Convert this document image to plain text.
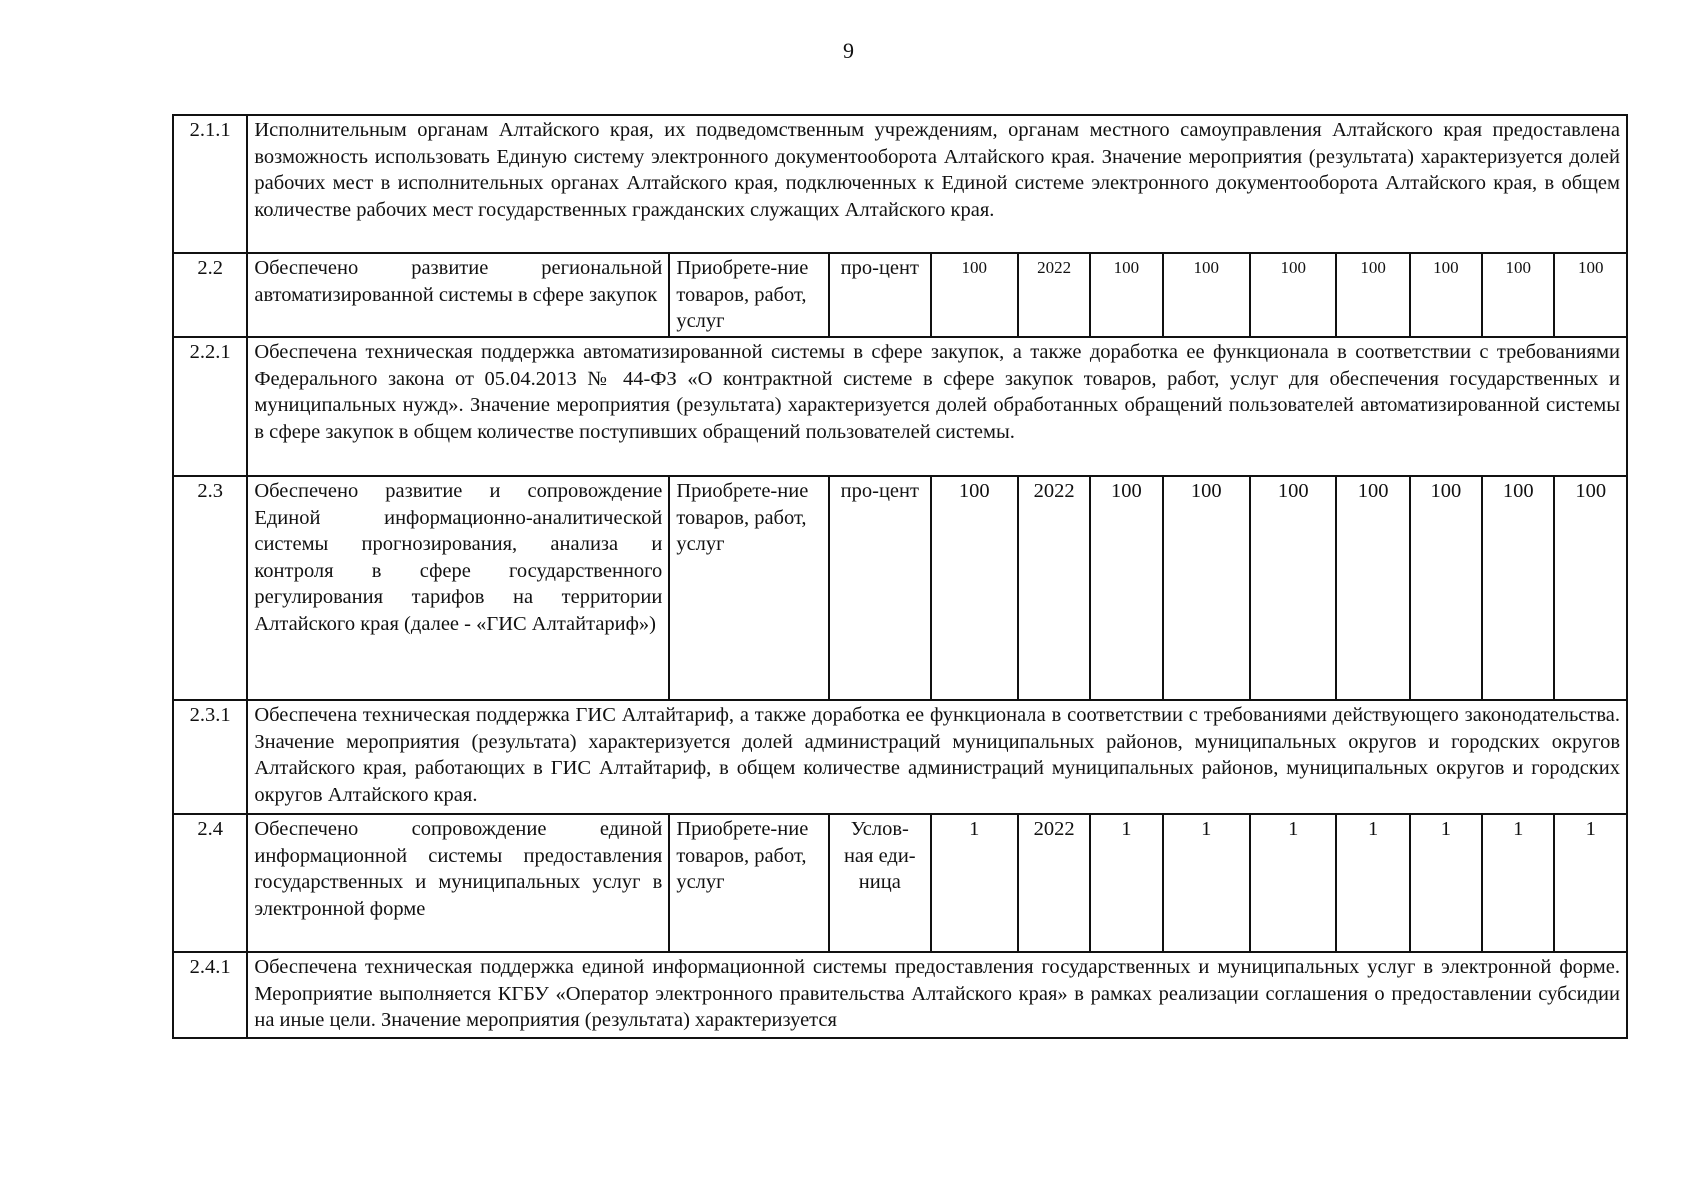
9
2.1.1	Исполнительным органам Алтайского края, их подведомственным учреждениям, органам местного самоуправления Алтайского края предоставлена возможность использовать Единую систему электронного документооборота Алтайского края. Значение мероприятия (результата) характеризуется долей рабочих мест в исполнительных органах Алтайского края, подключенных к Единой системе электронного документооборота Алтайского края, в общем количестве рабочих мест государственных гражданских служащих Алтайского края.											
2.2	Обеспечено развитие региональной автоматизированной системы в сфере закупок	Приобрете-ние товаров, работ, услуг	про-цент	100	2022	100	100	100	100	100	100	100
2.2.1	Обеспечена техническая поддержка автоматизированной системы в сфере закупок, а также доработка ее функционала в соответствии с требованиями Федерального закона от 05.04.2013 № 44-ФЗ «О контрактной системе в сфере закупок товаров, работ, услуг для обеспечения государственных и муниципальных нужд». Значение мероприятия (результата) характеризуется долей обработанных обращений пользователей автоматизированной системы в сфере закупок в общем количестве поступивших обращений пользователей системы.											
2.3	Обеспечено развитие и сопровождение Единой информационно-аналитической системы прогнозирования, анализа и контроля в сфере государственного регулирования тарифов на территории Алтайского края (далее - «ГИС Алтайтариф»)	Приобрете-ние товаров, работ, услуг	про-цент	100	2022	100	100	100	100	100	100	100
2.3.1	Обеспечена техническая поддержка ГИС Алтайтариф, а также доработка ее функционала в соответствии с требованиями действующего законодательства. Значение мероприятия (результата) характеризуется долей администраций муниципальных районов, муниципальных округов и городских округов Алтайского края, работающих в ГИС Алтайтариф, в общем количестве администраций муниципальных районов, муниципальных округов и городских округов Алтайского края.											
2.4	Обеспечено сопровождение единой информационной системы предоставления государственных и муниципальных услуг в электронной форме	Приобрете-ние товаров, работ, услуг	Услов-ная еди-ница	1	2022	1	1	1	1	1	1	1
2.4.1	Обеспечена техническая поддержка единой информационной системы предоставления государственных и муниципальных услуг в электронной форме. Мероприятие выполняется КГБУ «Оператор электронного правительства Алтайского края» в рамках реализации соглашения о предоставлении субсидии на иные цели. Значение мероприятия (результата) характеризуется											
